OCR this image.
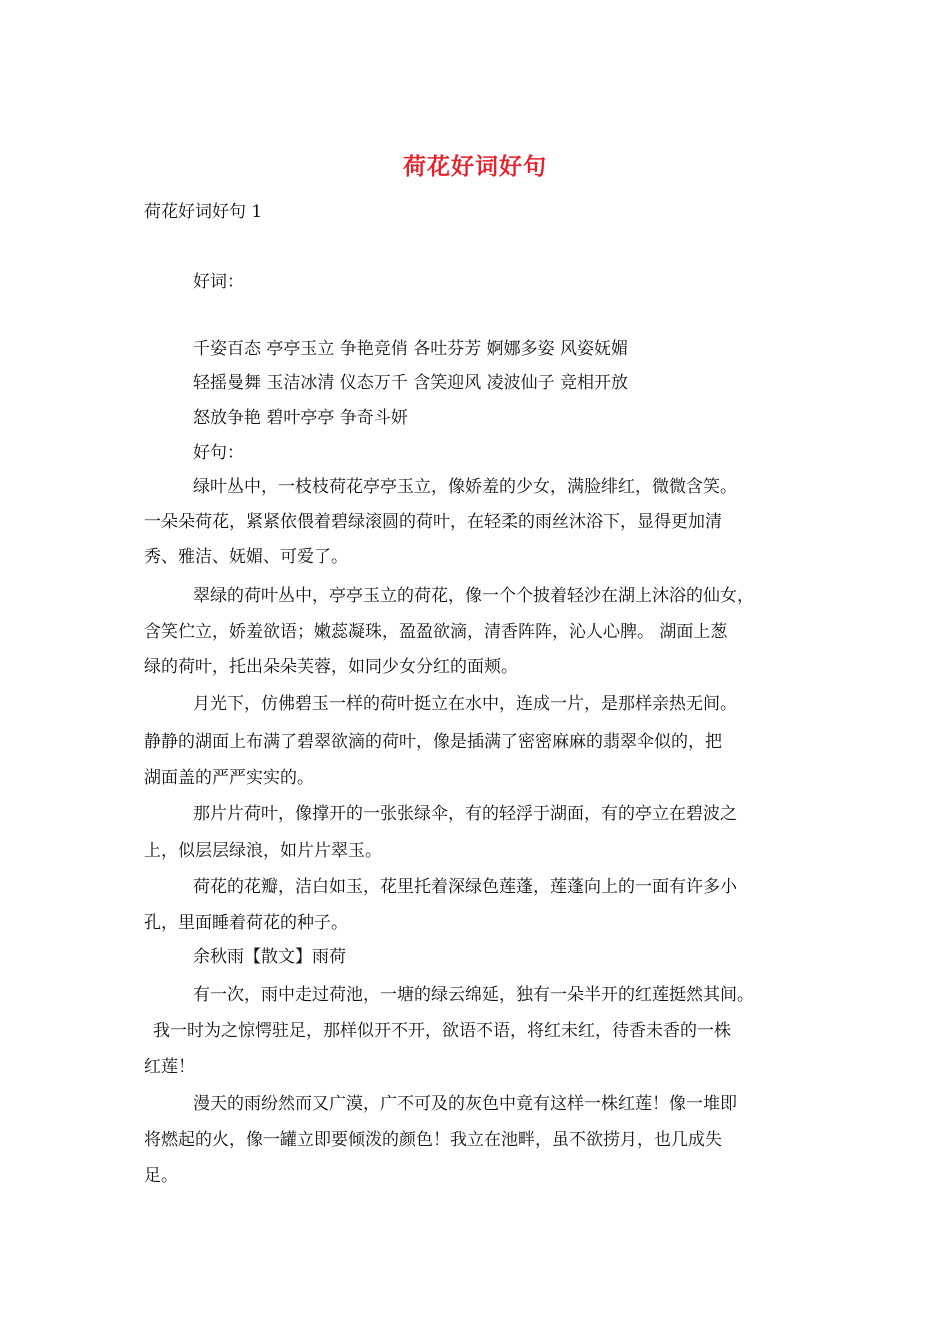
荷花好词好句

荷花好词好句 1

好词：

千姿百态 亭亭玉立 争艳竞俏 各吐芬芳 婀娜多姿 风姿妩媚

轻摇曼舞 玉洁冰清 仪态万千 含笑迎风 凌波仙子 竞相开放

怒放争艳 碧叶亭亭 争奇斗妍

好句：

绿叶丛中，一枝枝荷花亭亭玉立，像娇羞的少女，满脸绯红，微微含笑。

一朵朵荷花，紧紧依偎着碧绿滚圆的荷叶，在轻柔的雨丝沐浴下，显得更加清

秀、雅洁、妩媚、可爱了。

翠绿的荷叶丛中，亭亭玉立的荷花，像一个个披着轻沙在湖上沐浴的仙女，

含笑伫立，娇羞欲语；嫩蕊凝珠，盈盈欲滴，清香阵阵，沁人心脾。 湖面上葱

绿的荷叶，托出朵朵芙蓉，如同少女分红的面颊。

月光下，仿佛碧玉一样的荷叶挺立在水中，连成一片，是那样亲热无间。

静静的湖面上布满了碧翠欲滴的荷叶，像是插满了密密麻麻的翡翠伞似的，把

湖面盖的严严实实的。

那片片荷叶，像撑开的一张张绿伞，有的轻浮于湖面，有的亭立在碧波之

上，似层层绿浪，如片片翠玉。

荷花的花瓣，洁白如玉，花里托着深绿色莲蓬，莲蓬向上的一面有许多小

孔，里面睡着荷花的种子。

余秋雨【散文】雨荷

有一次，雨中走过荷池，一塘的绿云绵延，独有一朵半开的红莲挺然其间。

我一时为之惊愕驻足，那样似开不开，欲语不语，将红未红，待香未香的一株

红莲！

漫天的雨纷然而又广漠，广不可及的灰色中竟有这样一株红莲！像一堆即

将燃起的火，像一罐立即要倾泼的颜色！我立在池畔，虽不欲捞月，也几成失

足。
